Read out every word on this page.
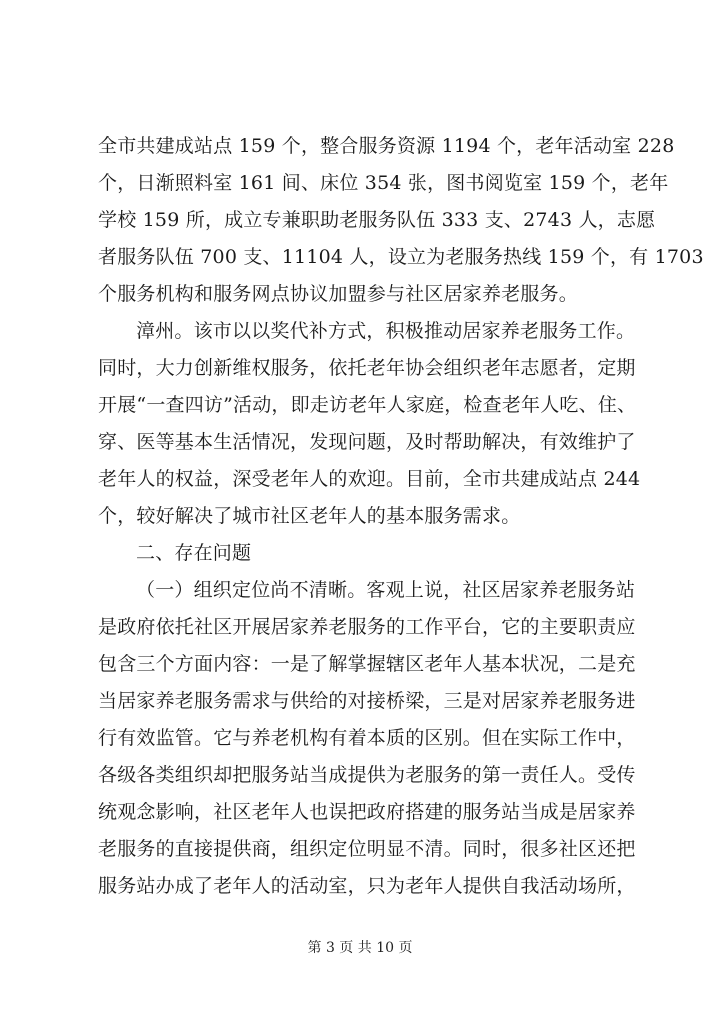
全市共建成站点 159 个，整合服务资源 1194 个，老年活动室 228
个，日渐照料室 161 间、床位 354 张，图书阅览室 159 个，老年
学校 159 所，成立专兼职助老服务队伍 333 支、2743 人，志愿
者服务队伍 700 支、11104 人，设立为老服务热线 159 个，有 1703
个服务机构和服务网点协议加盟参与社区居家养老服务。
漳州。该市以以奖代补方式，积极推动居家养老服务工作。
同时，大力创新维权服务，依托老年协会组织老年志愿者，定期
开展“一查四访”活动，即走访老年人家庭，检查老年人吃、住、
穿、医等基本生活情况，发现问题，及时帮助解决，有效维护了
老年人的权益，深受老年人的欢迎。目前，全市共建成站点 244
个，较好解决了城市社区老年人的基本服务需求。
二、存在问题
（一）组织定位尚不清晰。客观上说，社区居家养老服务站
是政府依托社区开展居家养老服务的工作平台，它的主要职责应
包含三个方面内容：一是了解掌握辖区老年人基本状况，二是充
当居家养老服务需求与供给的对接桥梁，三是对居家养老服务进
行有效监管。它与养老机构有着本质的区别。但在实际工作中，
各级各类组织却把服务站当成提供为老服务的第一责任人。受传
统观念影响，社区老年人也误把政府搭建的服务站当成是居家养
老服务的直接提供商，组织定位明显不清。同时，很多社区还把
服务站办成了老年人的活动室，只为老年人提供自我活动场所，
第 3 页 共 10 页
